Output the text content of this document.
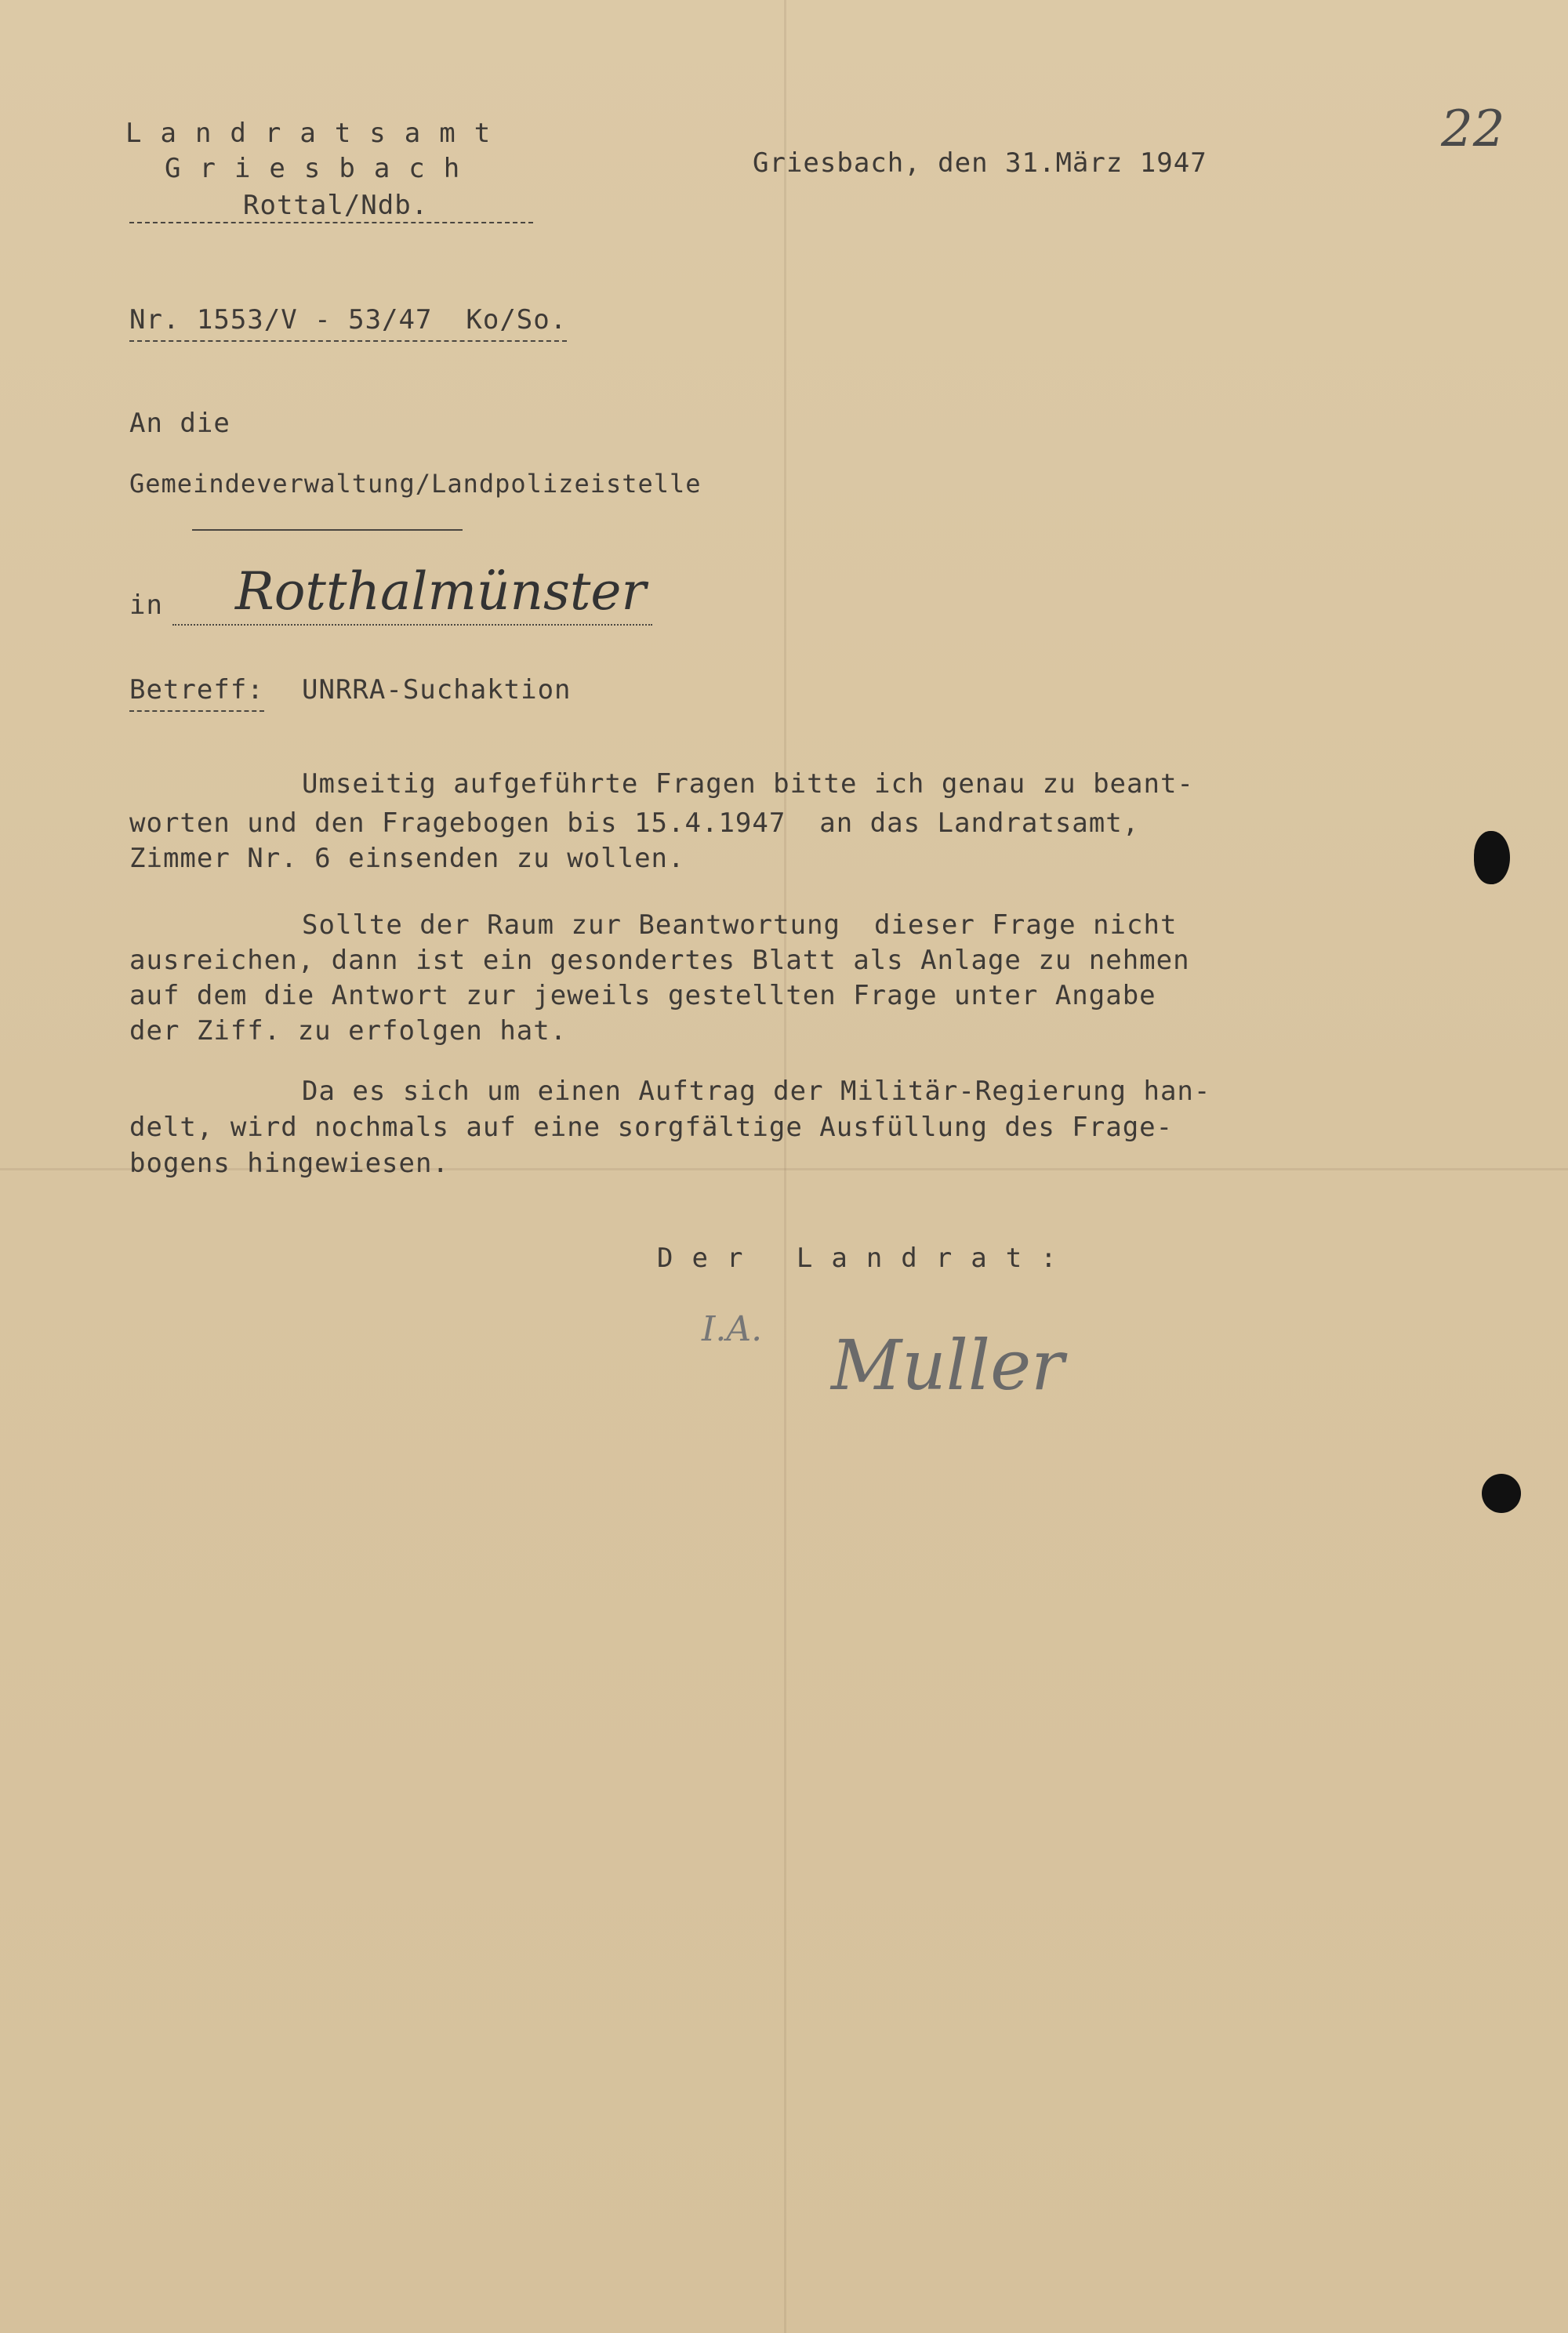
Landratsamt
Griesbach
Rottal/Ndb.
Griesbach, den 31.März 1947
22
Nr. 1553/V - 53/47  Ko/So.
An die
Gemeindeverwaltung/Landpolizeistelle
in Rotthalmünster
Betreff: UNRRA-Suchaktion
Umseitig aufgeführte Fragen bitte ich genau zu beant-
worten und den Fragebogen bis 15.4.1947  an das Landratsamt,
Zimmer Nr. 6 einsenden zu wollen.
Sollte der Raum zur Beantwortung  dieser Frage nicht
ausreichen, dann ist ein gesondertes Blatt als Anlage zu nehmen
auf dem die Antwort zur jeweils gestellten Frage unter Angabe
der Ziff. zu erfolgen hat.
Da es sich um einen Auftrag der Militär-Regierung han-
delt, wird nochmals auf eine sorgfältige Ausfüllung des Frage-
bogens hingewiesen.
Der Landrat:
I.A. Muller
